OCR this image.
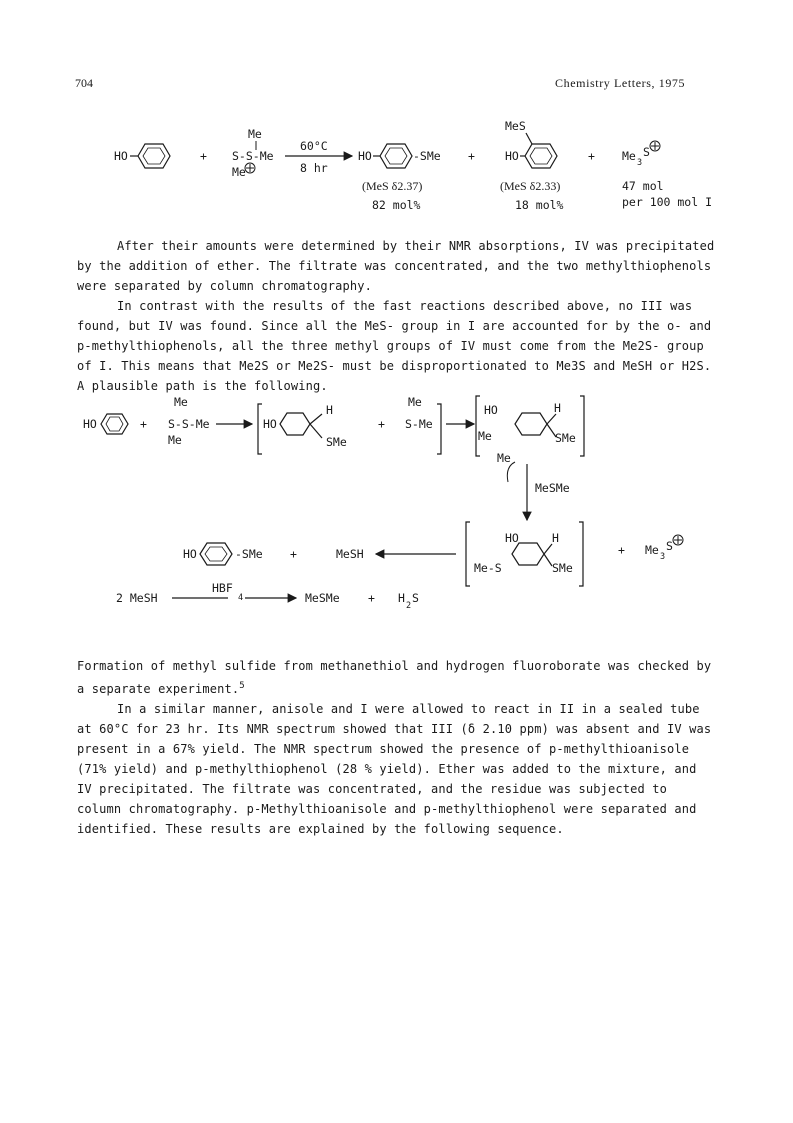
704	Chemistry Letters, 1975
HO	+
Me
S-S-Me
Me
60°C
8 hr
HO	-SMe
(MeS δ2.37)
82 mol%
+
MeS
HO
(MeS δ2.33)
18 mol%
+ Me 3
S
47 mol
per 100 mol I

After their amounts were determined by their NMR absorptions, IV was precipitated by the addition of ether. The filtrate was concentrated, and the two methylthiophenols were separated by column chromatography.

In contrast with the results of the fast reactions described above, no III was found, but IV was found. Since all the MeS- group in I are accounted for by the o- and p-methylthiophenols, all the three methyl groups of IV must come from the Me2S- group of I. This means that Me2S or Me2S- must be disproportionated to Me3S and MeSH or H2S. A plausible path is the following.

HO	+
Me
S-S-Me
Me
HO
H
SMe
+
Me
S-Me
HO
Me
H
SMe
Me
MeSMe
HO
Me-S
H
SMe
+ Me 3
S
MeSH
+
HO	-SMe
2 MeSH
HBF
4	MeSMe + H
2
S

Formation of methyl sulfide from methanethiol and hydrogen fluoroborate was checked by a separate experiment.$^5$

In a similar manner, anisole and I were allowed to react in II in a sealed tube at 60°C for 23 hr. Its NMR spectrum showed that III (δ 2.10 ppm) was absent and IV was present in a 67% yield. The NMR spectrum showed the presence of p-methylthioanisole (71% yield) and p-methylthiophenol (28 % yield). Ether was added to the mixture, and IV precipitated. The filtrate was concentrated, and the residue was subjected to column chromatography. p-Methylthioanisole and p-methylthiophenol were separated and identified. These results are explained by the following sequence.
